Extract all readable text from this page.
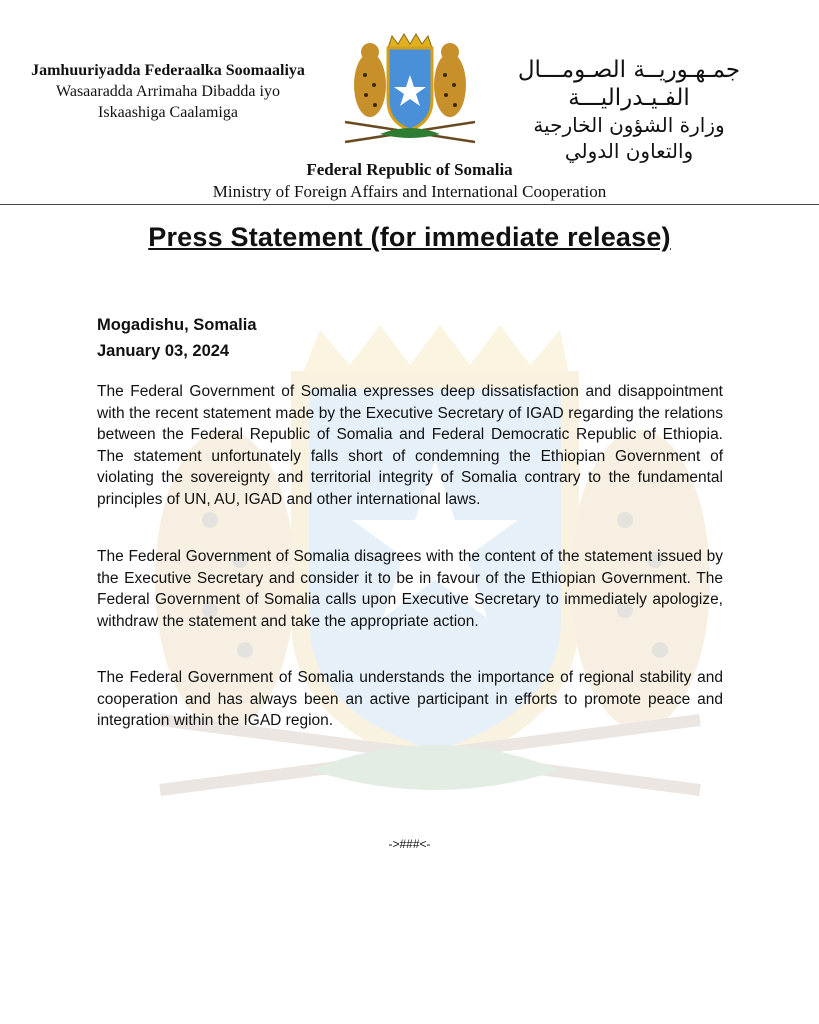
Jamhuuriyadda Federaalka Soomaaliya
Wasaaradda Arrimaha Dibadda iyo
Iskaashiga Caalamiga
جمـهـوريــة الصـومـــال الفـيـدراليـــة
وزارة الشؤون الخارجية
والتعاون الدولي
Federal Republic of Somalia
Ministry of Foreign Affairs and International Cooperation
Press Statement (for immediate release)
Mogadishu, Somalia
January 03, 2024
The Federal Government of Somalia expresses deep dissatisfaction and disappointment with the recent statement made by the Executive Secretary of IGAD regarding the relations between the Federal Republic of Somalia and Federal Democratic Republic of Ethiopia. The statement unfortunately falls short of condemning the Ethiopian Government of violating the sovereignty and territorial integrity of Somalia contrary to the fundamental principles of UN, AU, IGAD and other international laws.
The Federal Government of Somalia disagrees with the content of the statement issued by the Executive Secretary and consider it to be in favour of the Ethiopian Government. The Federal Government of Somalia calls upon Executive Secretary to immediately apologize, withdraw the statement and take the appropriate action.
The Federal Government of Somalia understands the importance of regional stability and cooperation and has always been an active participant in efforts to promote peace and integration within the IGAD region.
->###<-
